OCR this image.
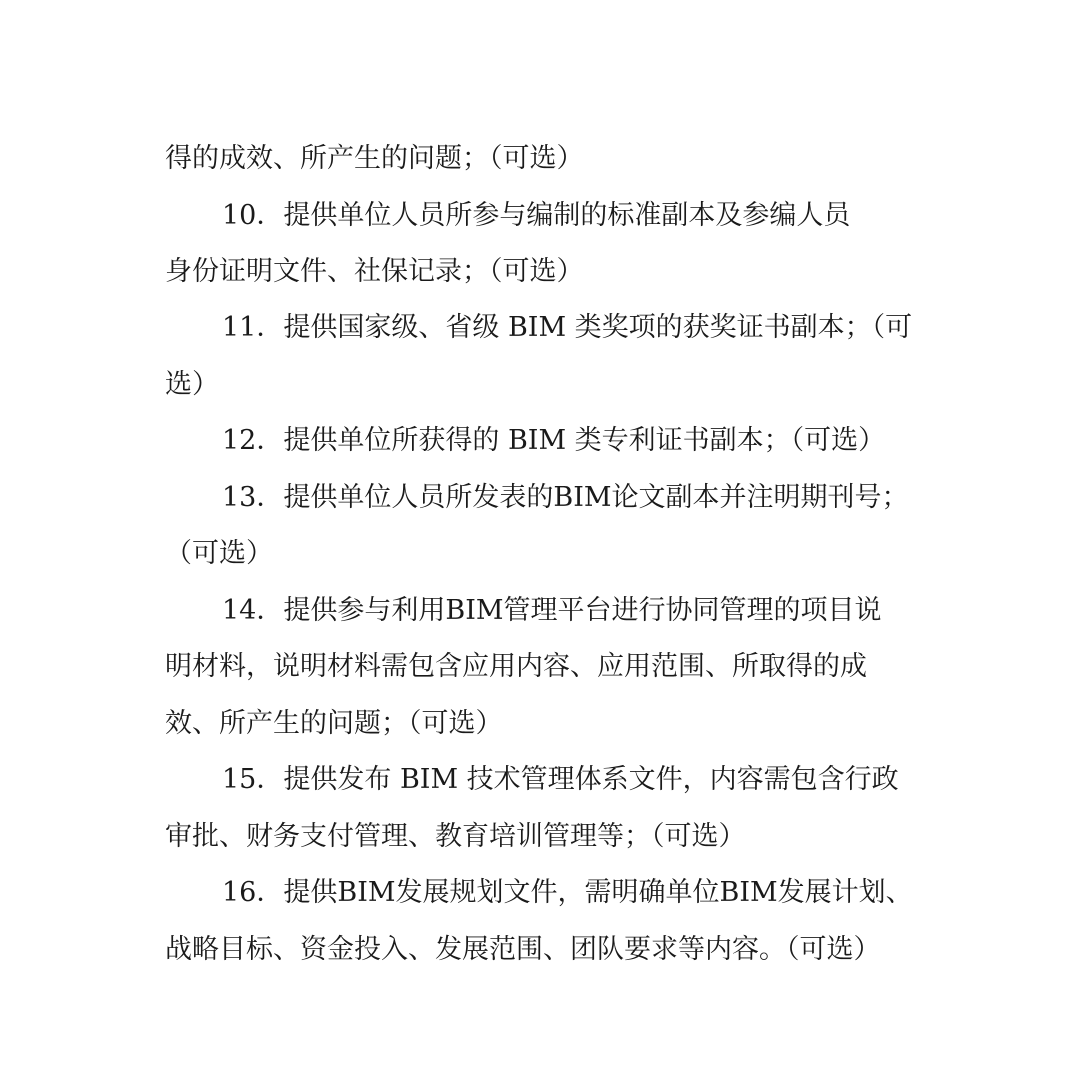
得的成效、所产生的问题；（可选）
10．提供单位人员所参与编制的标准副本及参编人员
身份证明文件、社保记录；（可选）
11．提供国家级、省级 BIM 类奖项的获奖证书副本；（可
选）
12．提供单位所获得的 BIM 类专利证书副本；（可选）
13．提供单位人员所发表的BIM论文副本并注明期刊号；
（可选）
14．提供参与利用BIM管理平台进行协同管理的项目说
明材料，说明材料需包含应用内容、应用范围、所取得的成
效、所产生的问题；（可选）
15．提供发布 BIM 技术管理体系文件，内容需包含行政
审批、财务支付管理、教育培训管理等；（可选）
16．提供BIM发展规划文件，需明确单位BIM发展计划、
战略目标、资金投入、发展范围、团队要求等内容。（可选）
